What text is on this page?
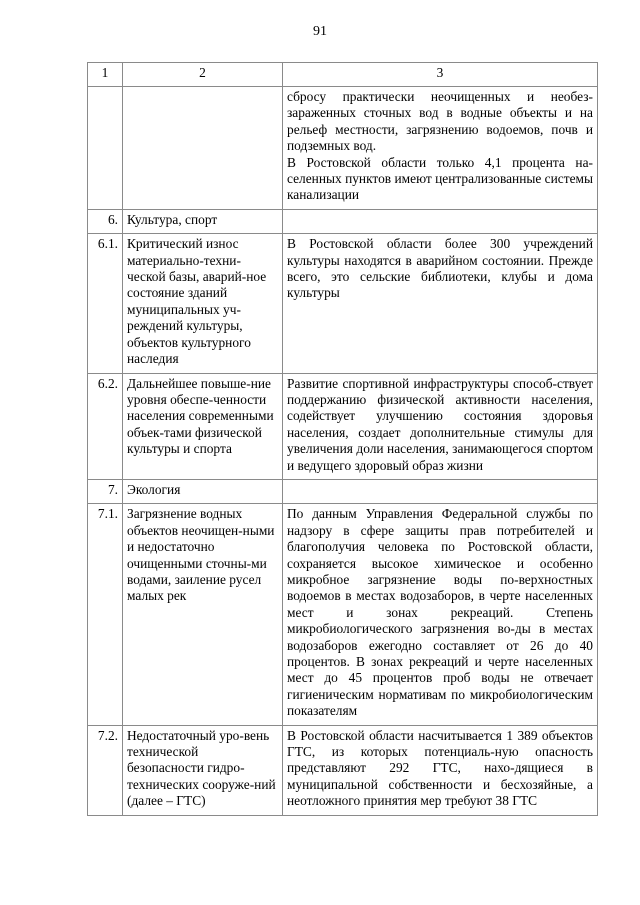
91
1	2	3

		сбросу практически неочищенных и необез-зараженных сточных вод в водные объекты и на рельеф местности, загрязнению водоемов, почв и подземных вод.
В Ростовской области только 4,1 процента на-селенных пунктов имеют централизованные системы канализации

6.	Культура, спорт	
6.1.	Критический износ материально-техни-ческой базы, аварий-ное состояние зданий муниципальных уч-реждений культуры, объектов культурного наследия	В Ростовской области более 300 учреждений культуры находятся в аварийном состоянии. Прежде всего, это сельские библиотеки, клубы и дома культуры

6.2.	Дальнейшее повыше-ние уровня обеспе-ченности населения современными объек-тами физической культуры и спорта	Развитие спортивной инфраструктуры способ-ствует поддержанию физической активности населения, содействует улучшению состояния здоровья населения, создает дополнительные стимулы для увеличения доли населения, занимающегося спортом и ведущего здоровый образ жизни

7.	Экология	
7.1.	Загрязнение водных объектов неочищен-ными и недостаточно очищенными сточны-ми водами, заиление русел малых рек	По данным Управления Федеральной службы по надзору в сфере защиты прав потребителей и благополучия человека по Ростовской области, сохраняется высокое химическое и особенно микробное загрязнение воды по-верхностных водоемов в местах водозаборов, в черте населенных мест и зонах рекреаций. Степень микробиологического загрязнения во-ды в местах водозаборов ежегодно составляет от 26 до 40 процентов. В зонах рекреаций и черте населенных мест до 45 процентов проб воды не отвечает гигиеническим нормативам по микробиологическим показателям

7.2.	Недостаточный уро-вень технической безопасности гидро-технических сооруже-ний (далее – ГТС)	В Ростовской области насчитывается 1 389 объектов ГТС, из которых потенциаль-ную опасность представляют 292 ГТС, нахо-дящиеся в муниципальной собственности и бесхозяйные, а неотложного принятия мер требуют 38 ГТС
